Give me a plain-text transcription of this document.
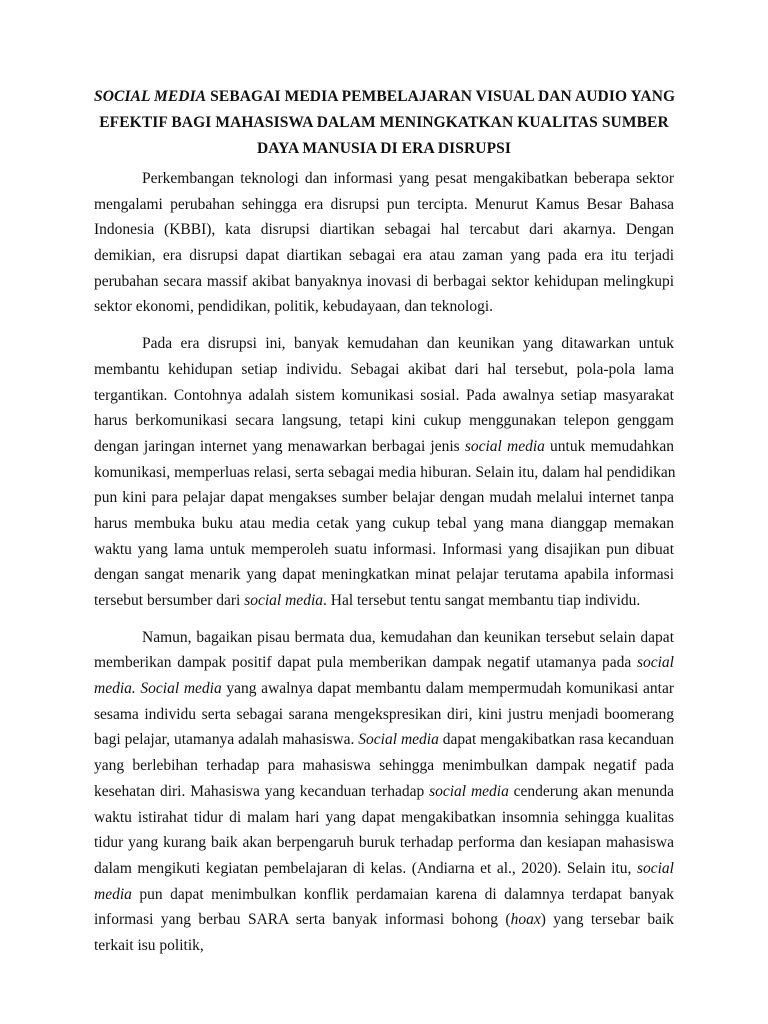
SOCIAL MEDIA SEBAGAI MEDIA PEMBELAJARAN VISUAL DAN AUDIO YANG
EFEKTIF BAGI MAHASISWA DALAM MENINGKATKAN KUALITAS SUMBER
DAYA MANUSIA DI ERA DISRUPSI
Perkembangan teknologi dan informasi yang pesat mengakibatkan beberapa sektor
mengalami perubahan sehingga era disrupsi pun tercipta. Menurut Kamus Besar Bahasa
Indonesia (KBBI), kata disrupsi diartikan sebagai hal tercabut dari akarnya. Dengan
demikian, era disrupsi dapat diartikan sebagai era atau zaman yang pada era itu terjadi
perubahan secara massif akibat banyaknya inovasi di berbagai sektor kehidupan melingkupi
sektor ekonomi, pendidikan, politik, kebudayaan, dan teknologi.
Pada era disrupsi ini, banyak kemudahan dan keunikan yang ditawarkan untuk
membantu kehidupan setiap individu. Sebagai akibat dari hal tersebut, pola-pola lama
tergantikan. Contohnya adalah sistem komunikasi sosial. Pada awalnya setiap masyarakat
harus berkomunikasi secara langsung, tetapi kini cukup menggunakan telepon genggam
dengan jaringan internet yang menawarkan berbagai jenis social media untuk memudahkan
komunikasi, memperluas relasi, serta sebagai media hiburan. Selain itu, dalam hal pendidikan
pun kini para pelajar dapat mengakses sumber belajar dengan mudah melalui internet tanpa
harus membuka buku atau media cetak yang cukup tebal yang mana dianggap memakan
waktu yang lama untuk memperoleh suatu informasi. Informasi yang disajikan pun dibuat
dengan sangat menarik yang dapat meningkatkan minat pelajar terutama apabila informasi
tersebut bersumber dari social media. Hal tersebut tentu sangat membantu tiap individu.
Namun, bagaikan pisau bermata dua, kemudahan dan keunikan tersebut selain dapat
memberikan dampak positif dapat pula memberikan dampak negatif utamanya pada social
media. Social media yang awalnya dapat membantu dalam mempermudah komunikasi antar
sesama individu serta sebagai sarana mengekspresikan diri, kini justru menjadi boomerang
bagi pelajar, utamanya adalah mahasiswa. Social media dapat mengakibatkan rasa kecanduan
yang berlebihan terhadap para mahasiswa sehingga menimbulkan dampak negatif pada
kesehatan diri. Mahasiswa yang kecanduan terhadap social media cenderung akan menunda
waktu istirahat tidur di malam hari yang dapat mengakibatkan insomnia sehingga kualitas
tidur yang kurang baik akan berpengaruh buruk terhadap performa dan kesiapan mahasiswa
dalam mengikuti kegiatan pembelajaran di kelas. (Andiarna et al., 2020). Selain itu, social
media pun dapat menimbulkan konflik perdamaian karena di dalamnya terdapat banyak
informasi yang berbau SARA serta banyak informasi bohong (hoax) yang tersebar baik
terkait isu politik,
